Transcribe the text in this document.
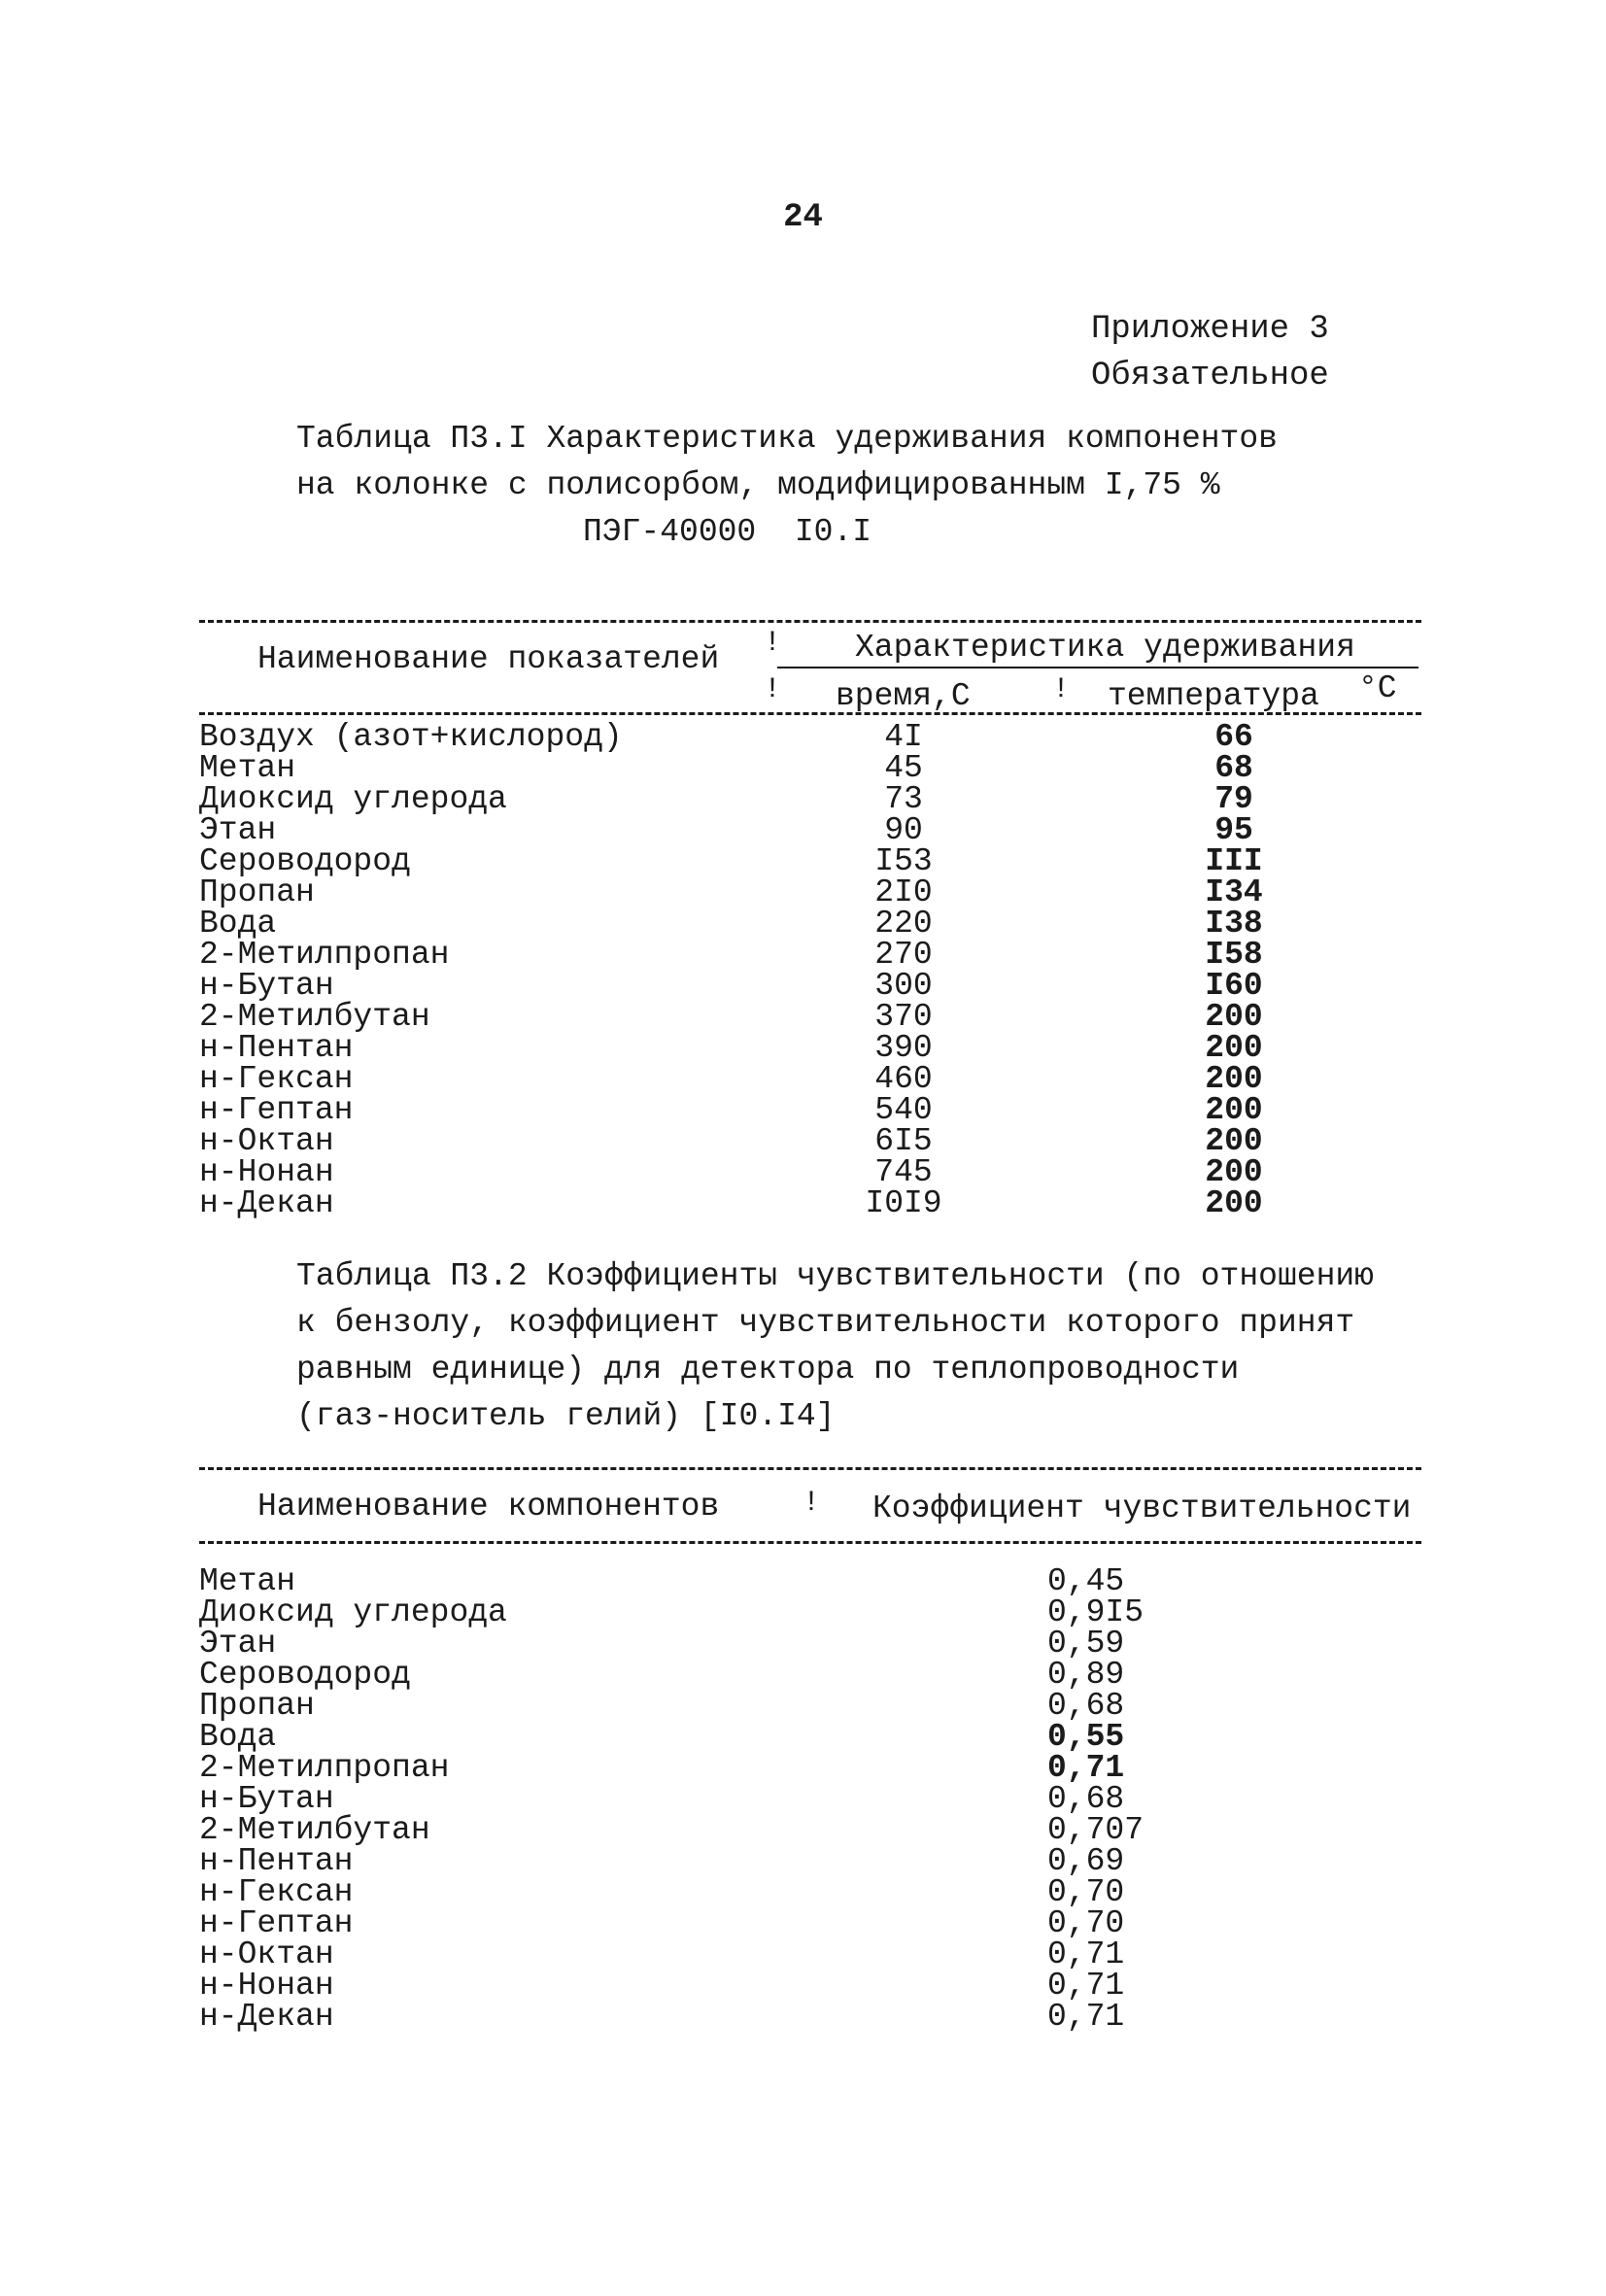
24
Приложение 3
Обязательное
Таблица П3.I Характеристика удерживания компонентов
на колонке с полисорбом, модифицированным I,75 %
ПЭГ-40000  I0.I
Наименование показателей ! Характеристика удерживания
! время,С	! температура °С
Воздух (азот+кислород)
Метан
Диоксид углерода
Этан
Сероводород
Пропан
Вода
2-Метилпропан
н-Бутан
2-Метилбутан
н-Пентан
н-Гексан
н-Гептан
н-Октан
н-Нонан
н-Декан
4I
45
73
90
I53
2I0
220
270
300
370
390
460
540
6I5
745
I0I9
66
68
79
95
III
I34
I38
I58
I60
200
200
200
200
200
200
200
Таблица П3.2 Коэффициенты чувствительности (по отношению
к бензолу, коэффициент чувствительности которого принят
равным единице) для детектора по теплопроводности
(газ-носитель гелий) [I0.I4]
Наименование компонентов	! Коэффициент чувствительности
Метан
Диоксид углерода
Этан
Сероводород
Пропан
Вода
2-Метилпропан
н-Бутан
2-Метилбутан
н-Пентан
н-Гексан
н-Гептан
н-Октан
н-Нонан
н-Декан
0,45
0,9I5
0,59
0,89
0,68
0,55
0,71
0,68
0,707
0,69
0,70
0,70
0,71
0,71
0,71
